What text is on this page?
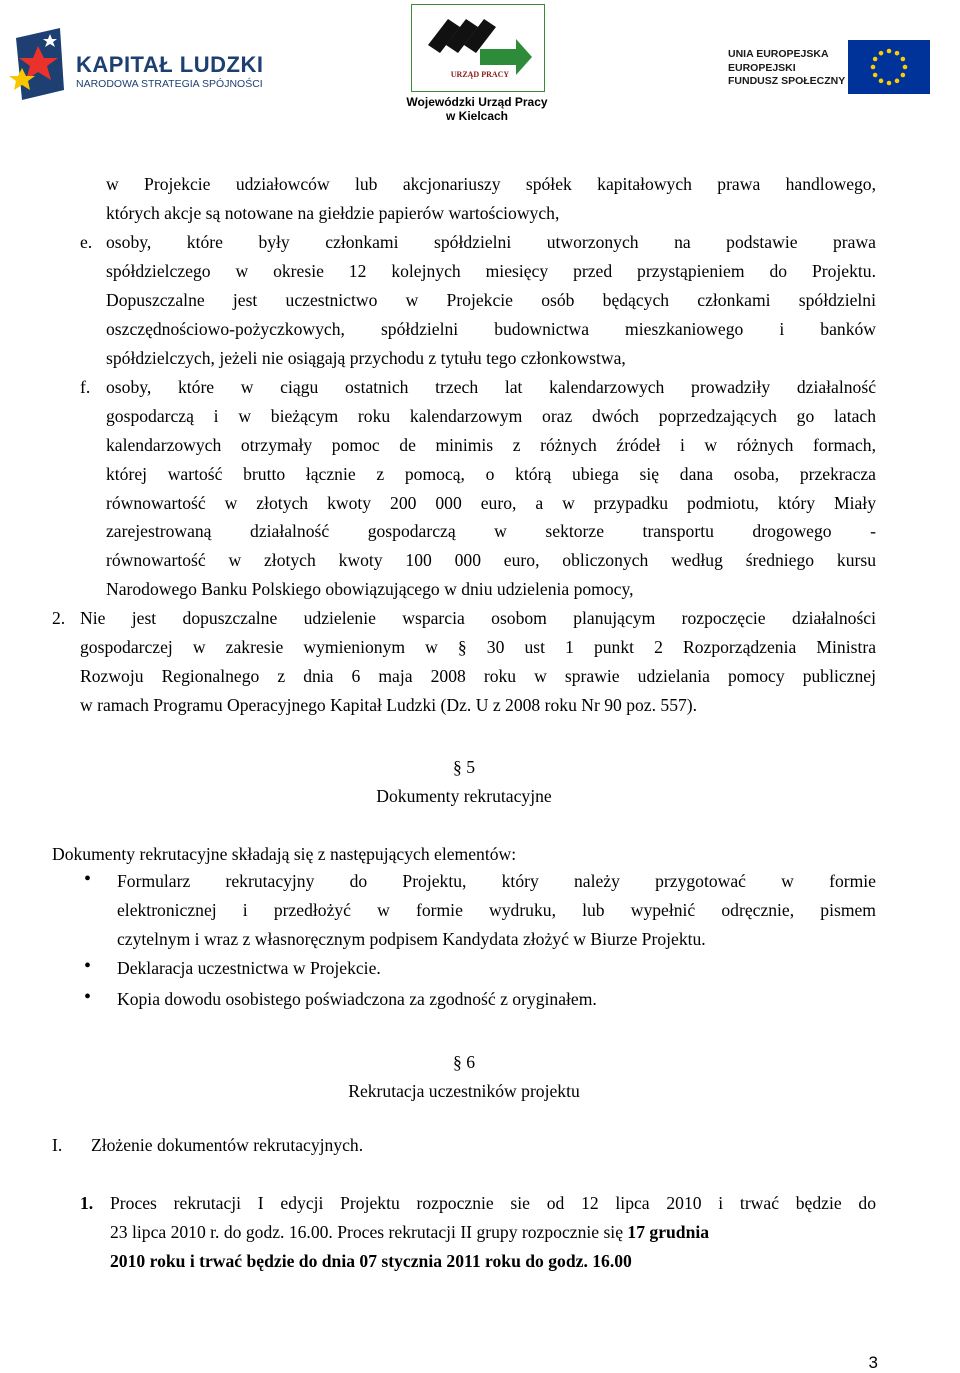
KAPITAŁ LUDZKI
NARODOWA STRATEGIA SPÓJNOŚCI
URZĄD PRACY
Wojewódzki Urząd Pracy
w Kielcach
UNIA EUROPEJSKA
EUROPEJSKI
FUNDUSZ SPOŁECZNY
w Projekcie udziałowców lub akcjonariuszy spółek kapitałowych prawa handlowego,
których akcje są notowane na giełdzie papierów wartościowych,
e. osoby, które były członkami spółdzielni utworzonych na podstawie prawa
spółdzielczego w okresie 12 kolejnych miesięcy przed przystąpieniem do Projektu.
Dopuszczalne jest uczestnictwo w Projekcie osób będących członkami spółdzielni
oszczędnościowo-pożyczkowych, spółdzielni budownictwa mieszkaniowego i banków
spółdzielczych, jeżeli nie osiągają przychodu z tytułu tego członkowstwa,
f. osoby, które w ciągu ostatnich trzech lat kalendarzowych prowadziły działalność
gospodarczą i w bieżącym roku kalendarzowym oraz dwóch poprzedzających go latach
kalendarzowych otrzymały pomoc de minimis z różnych źródeł i w różnych formach,
której wartość brutto łącznie z pomocą, o którą ubiega się dana osoba, przekracza
równowartość w złotych kwoty 200 000 euro, a w przypadku podmiotu, który Miały
zarejestrowaną działalność gospodarczą w sektorze transportu drogowego -
równowartość w złotych kwoty 100 000 euro, obliczonych według średniego kursu
Narodowego Banku Polskiego obowiązującego w dniu udzielenia pomocy,
2. Nie jest dopuszczalne udzielenie wsparcia osobom planującym rozpoczęcie działalności
gospodarczej w zakresie wymienionym w § 30 ust 1 punkt 2 Rozporządzenia Ministra
Rozwoju Regionalnego z dnia 6 maja 2008 roku w sprawie udzielania pomocy publicznej
w ramach Programu Operacyjnego Kapitał Ludzki (Dz. U z 2008 roku Nr 90 poz. 557).
§ 5
Dokumenty rekrutacyjne
Dokumenty rekrutacyjne składają się z następujących elementów:
• Formularz rekrutacyjny do Projektu, który należy przygotować w formie
elektronicznej i przedłożyć w formie wydruku, lub wypełnić odręcznie, pismem
czytelnym i wraz z własnoręcznym podpisem Kandydata złożyć w Biurze Projektu.
• Deklaracja uczestnictwa w Projekcie.
• Kopia dowodu osobistego poświadczona za zgodność z oryginałem.
§ 6
Rekrutacja uczestników projektu
I. Złożenie dokumentów rekrutacyjnych.
1. Proces rekrutacji I edycji Projektu rozpocznie sie od 12 lipca 2010 i trwać będzie do
23 lipca 2010 r. do godz. 16.00. Proces rekrutacji II grupy rozpocznie się 17 grudnia
2010 roku i trwać będzie do dnia 07 stycznia 2011 roku do godz. 16.00
3
